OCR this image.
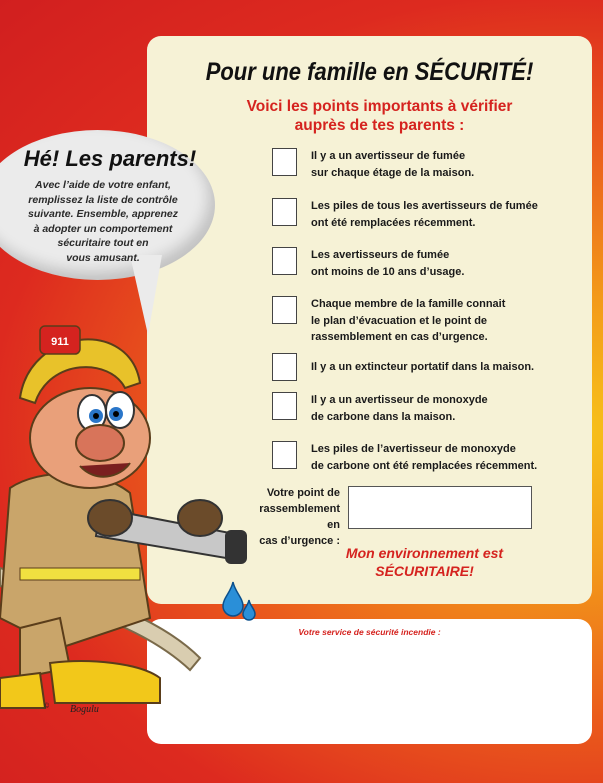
Pour une famille en SÉCURITÉ!
Voici les points importants à vérifier
auprès de tes parents :
Il y a un avertisseur de fumée
sur chaque étage de la maison.
Les piles de tous les avertisseurs de fumée
ont été remplacées récemment.
Les avertisseurs de fumée
ont moins de 10 ans d’usage.
Chaque membre de la famille connait
le plan d’évacuation et le point de
rassemblement en cas d’urgence.
Il y a un extincteur portatif dans la maison.
Il y a un avertisseur de monoxyde
de carbone dans la maison.
Les piles de l’avertisseur de monoxyde
de carbone ont été remplacées récemment.
Votre point de
rassemblement en
cas d’urgence :
Mon environnement est
SÉCURITAIRE!
Votre service de sécurité incendie :
Hé! Les parents!
Avec l’aide de votre enfant,
remplissez la liste de contrôle
suivante. Ensemble, apprenez
à adopter un comportement
sécuritaire tout en
vous amusant.
911
Bogulu
©
